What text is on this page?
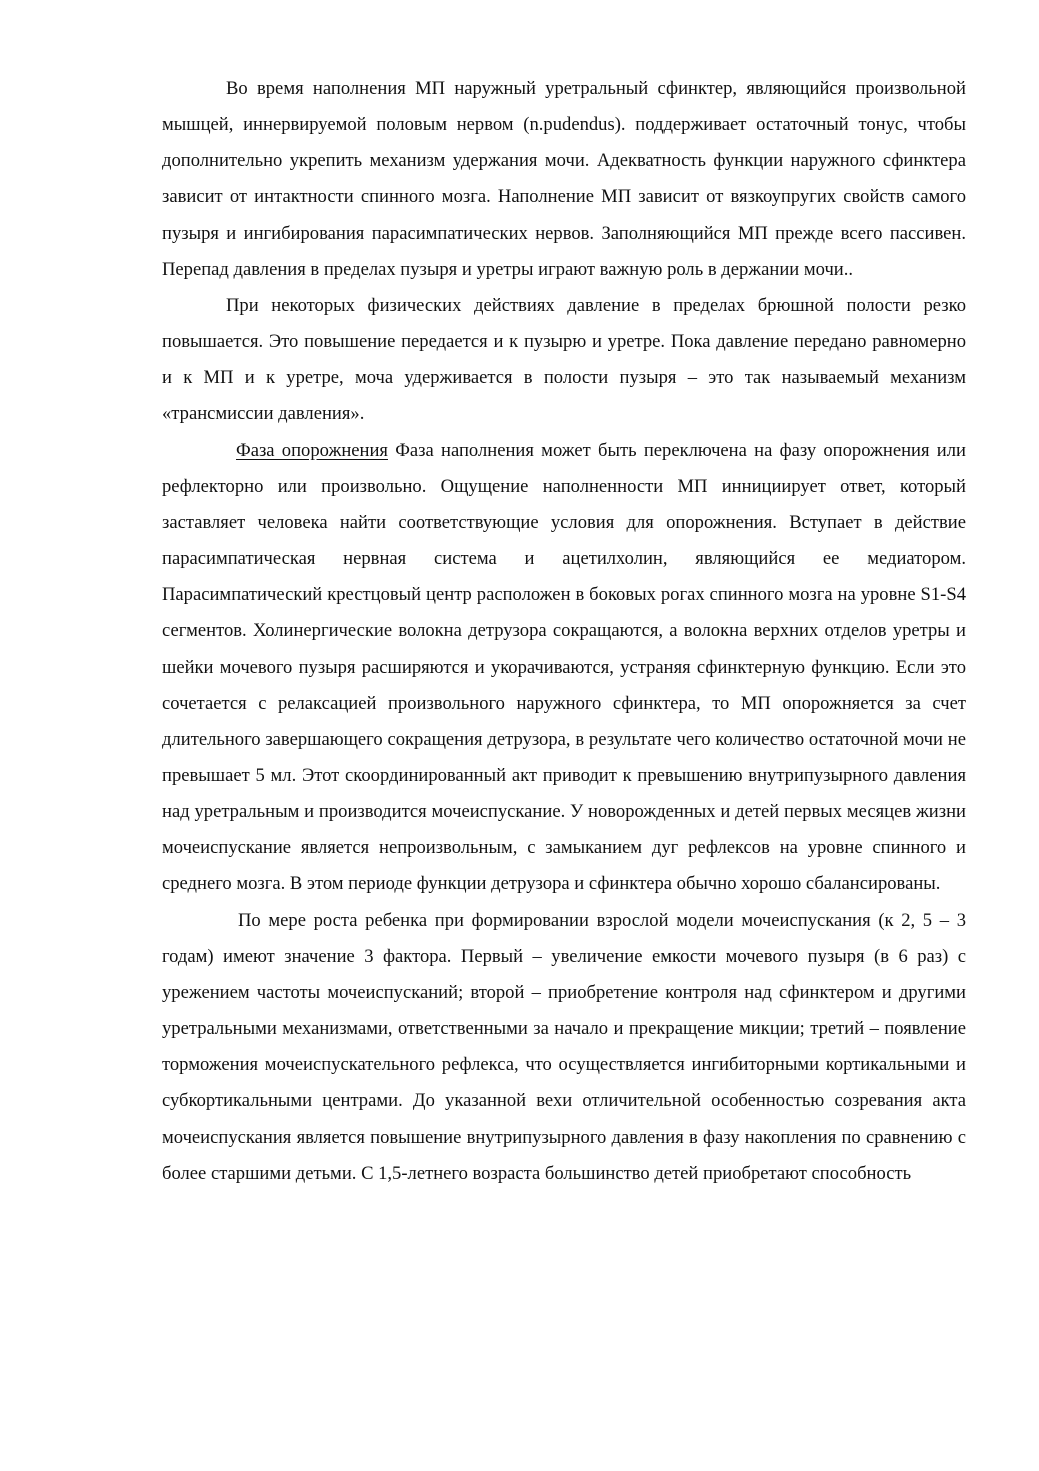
Во время наполнения МП наружный уретральный сфинктер, являющийся произвольной мышцей, иннервируемой половым нервом (n.pudendus). поддерживает остаточный тонус, чтобы дополнительно укрепить механизм удержания мочи. Адекватность функции наружного сфинктера зависит от интактности спинного мозга. Наполнение МП зависит от вязкоупругих свойств самого пузыря и ингибирования парасимпатических нервов. Заполняющийся МП прежде всего пассивен. Перепад давления в пределах пузыря и уретры играют важную роль в держании мочи..

При некоторых физических действиях давление в пределах брюшной полости резко повышается. Это повышение передается и к пузырю и уретре. Пока давление передано равномерно и к МП и к уретре, моча удерживается в полости пузыря – это так называемый механизм «трансмиссии давления».

Фаза опорожнения Фаза наполнения может быть переключена на фазу опорожнения или рефлекторно или произвольно. Ощущение наполненности МП иннициирует ответ, который заставляет человека найти соответствующие условия для опорожнения. Вступает в действие парасимпатическая нервная система и ацетилхолин, являющийся ее медиатором. Парасимпатический крестцовый центр расположен в боковых рогах спинного мозга на уровне S1-S4 сегментов. Холинергические волокна детрузора сокращаются, а волокна верхних отделов уретры и шейки мочевого пузыря расширяются и укорачиваются, устраняя сфинктерную функцию. Если это сочетается с релаксацией произвольного наружного сфинктера, то МП опорожняется за счет длительного завершающего сокращения детрузора, в результате чего количество остаточной мочи не превышает 5 мл. Этот скоординированный акт приводит к превышению внутрипузырного давления над уретральным и производится мочеиспускание. У новорожденных и детей первых месяцев жизни мочеиспускание является непроизвольным, с замыканием дуг рефлексов на уровне спинного и среднего мозга. В этом периоде функции детрузора и сфинктера обычно хорошо сбалансированы.

По мере роста ребенка при формировании взрослой модели мочеиспускания (к 2, 5 – 3 годам) имеют значение 3 фактора. Первый – увеличение емкости мочевого пузыря (в 6 раз) с урежением частоты мочеиспусканий; второй – приобретение контроля над сфинктером и другими уретральными механизмами, ответственными за начало и прекращение микции; третий – появление торможения мочеиспускательного рефлекса, что осуществляется ингибиторными кортикальными и субкортикальными центрами. До указанной вехи отличительной особенностью созревания акта мочеиспускания является повышение внутрипузырного давления в фазу накопления по сравнению с более старшими детьми. С 1,5-летнего возраста большинство детей приобретают способность
